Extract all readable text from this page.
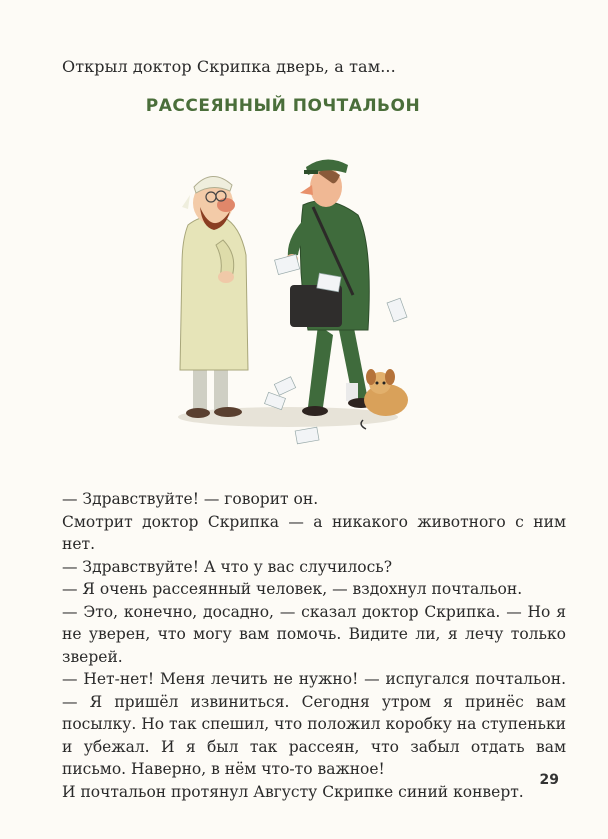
Открыл доктор Скрипка дверь, а там...
РАССЕЯННЫЙ ПОЧТАЛЬОН

— Здравствуйте! — говорит он.

Смотрит доктор Скрипка — а никакого животного с ним нет.

— Здравствуйте! А что у вас случилось?

— Я очень рассеянный человек, — вздохнул почтальон.

— Это, конечно, досадно, — сказал доктор Скрипка. — Но я не уверен, что могу вам помочь. Видите ли, я лечу только зверей.

— Нет-нет! Меня лечить не нужно! — испугался почтальон. — Я пришёл извиниться. Сегодня утром я принёс вам посылку. Но так спешил, что положил коробку на ступеньки и убежал. И я был так рассеян, что забыл отдать вам письмо. Наверно, в нём что-то важное!

И почтальон протянул Августу Скрипке синий конверт.

29
